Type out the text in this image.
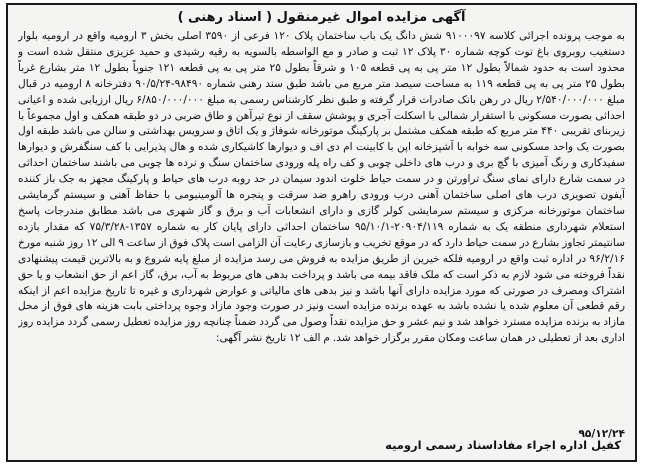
آگهی مزایده اموال غیرمنقول ( اسناد رهنی )

به موجب پرونده اجرائی کلاسه ۹۱۰۰۰۹۷ شش دانگ یک باب ساختمان پلاک ۱۲۰ فرعی از ۳۵۹۰ اصلی بخش ۳ ارومیه واقع در ارومیه بلوار دستغیب روبروی باغ توت کوچه شماره ۳۰ پلاک ۱۲ ثبت و صادر و مع الواسطه بالسویه به رقیه رشیدی و حمید عزیزی منتقل شده است و محدود است به حدود شمالاً بطول ۱۲ متر پی به پی قطعه ۱۰۵ و شرقاً بطول ۲۵ متر پی به پی قطعه ۱۲۱ جنوباً بطول ۱۲ متر بشارع غرباً بطول ۲۵ متر پی به پی قطعه ۱۱۹ به مساحت سیصد متر مربع می باشد طبق سند رهنی شماره ۹۸۴۹۰-۹۰/۵/۲۴ دفترخانه ۸ ارومیه در قبال مبلغ ۲/۵۴۰/۰۰۰/۰۰۰ ریال در رهن بانک صادرات قرار گرفته و طبق نظر کارشناس رسمی به مبلغ ۶/۸۵۰/۰۰۰/۰۰۰ ریال ارزیابی شده و اعیانی احداثی بصورت مسکونی با استقرار شمالی با اسکلت آجری و پوشش سقف از نوع تیرآهن و طاق ضربی در دو طبقه همکف و اول مجموعاً با زیربنای تقریبی ۴۴۰ متر مربع که طبقه همکف مشتمل بر پارکینگ موتورخانه شوفاژ و یک اتاق و سرویس بهداشتی و سالن می باشد طبقه اول بصورت یک واحد مسکونی سه خوابه با آشپزخانه اپن با کابینت ام دی اف و دیوارها کاشیکاری شده و هال پذیرایی با کف سنگفرش و دیوارها سفیدکاری و رنگ آمیزی با گچ بری و درب های داخلی چوبی و کف راه پله ورودی ساختمان سنگ و نرده ها چوبی می باشند ساختمان احداثی در سمت شارع دارای نمای سنگ تراورتن و در سمت حیاط خلوت اندود سیمان در حد روبه درب های حیاط و پارکینگ مجهز به جک باز کننده آیفون تصویری درب های اصلی ساختمان آهنی درب ورودی راهرو ضد سرقت و پنجره ها آلومینیومی با حفاظ آهنی و سیستم گرمایشی ساختمان موتورخانه مرکزی و سیستم سرمایشی کولر گازی و دارای انشعابات آب و برق و گاز شهری می باشد مطابق مندرجات پاسخ استعلام شهرداری منطقه یک به شماره ۲۰۹۰۴/۱۱۹-۹۵/۱۰/۱ ساختمان احداثی دارای پایان کار به شماره ۱۳۵۷-۷۵/۳/۲۸ که مقدار بازده سانتیمتر تجاوز بشارع در سمت حیاط دارد که در موقع تخریب و بازسازی رعایت آن الزامی است پلاک فوق از ساعت ۹ الی ۱۲ روز شنبه مورخ ۹۶/۲/۱۶ در اداره ثبت واقع در ارومیه فلکه خیرین از طریق مزایده به فروش می رسد مزایده از مبلغ پایه شروع و به بالاترین قیمت پیشنهادی نقداً فروخته می شود لازم به ذکر است که ملک فاقد بیمه می باشد و پرداخت بدهی های مربوط به آب، برق، گاز اعم از حق انشعاب و یا حق اشتراک ومصرف در صورتی که مورد مزایده دارای آنها باشد و نیز بدهی های مالیاتی و عوارض شهرداری و غیره تا تاریخ مزایده اعم از اینکه رقم قطعی آن معلوم شده یا نشده باشد به عهده برنده مزایده است ونیز در صورت وجود مازاد وجوه پرداختی بابت هزینه های فوق از محل مازاد به برنده مزایده مسترد خواهد شد و نیم عشر و حق مزایده نقداً وصول می گردد ضمناً چنانچه روز مزایده تعطیل رسمی گردد مزایده روز اداری بعد از تعطیلی در همان ساعت ومکان مقرر برگزار خواهد شد. م الف ۱۲ تاریخ نشر آگهی:

۹۵/۱۲/۲۴

کفیل اداره اجراء مفاداسناد رسمی ارومیه
